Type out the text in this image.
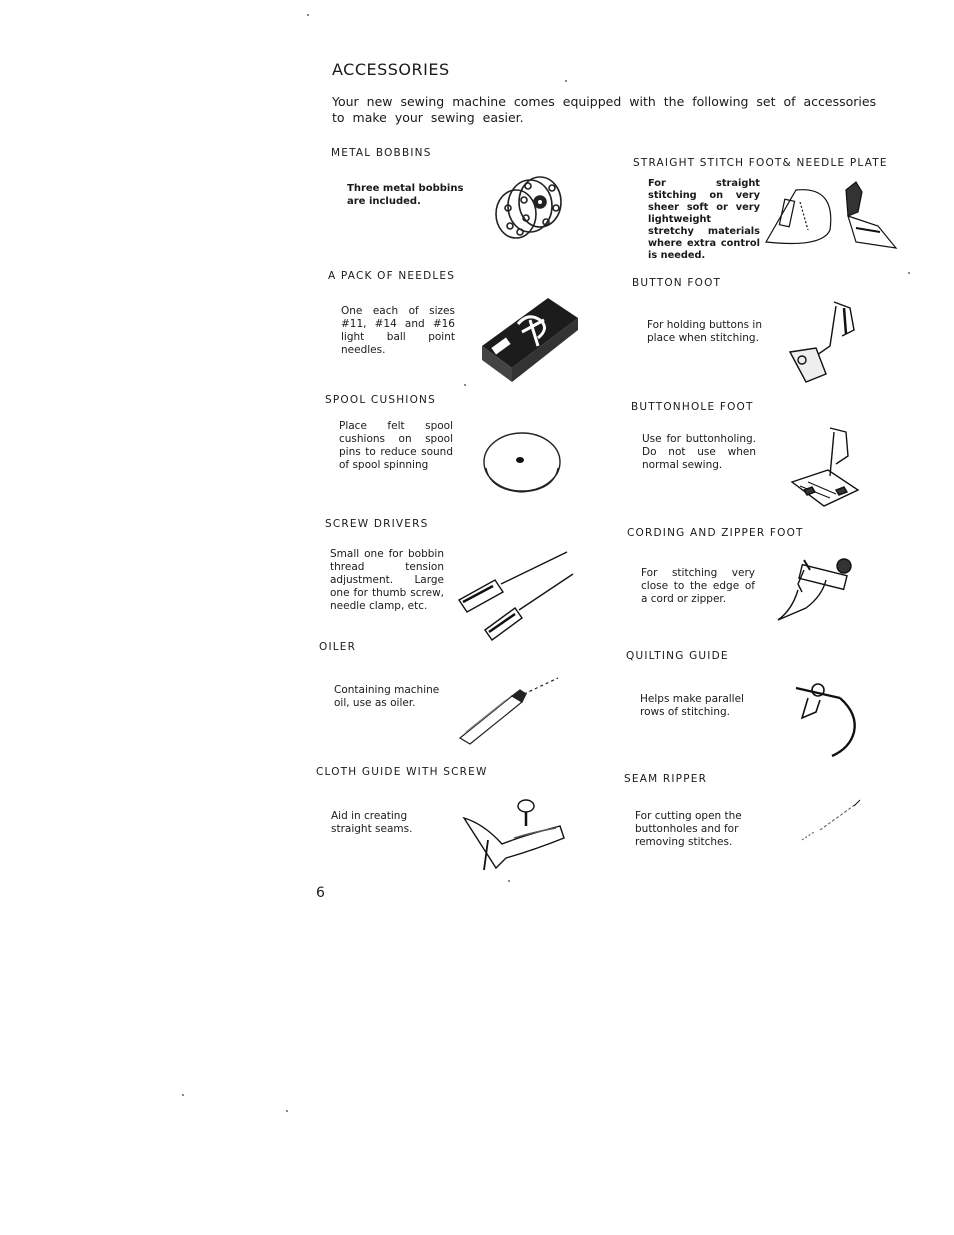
ACCESSORIES
Your new sewing machine comes equipped with the following set of accessories to make your sewing easier.
METAL BOBBINS
Three metal bobbins are included.
A PACK OF NEEDLES
One each of sizes #11, #14 and #16 light ball point needles.
SPOOL CUSHIONS
Place felt spool cushions on spool pins to reduce sound of spool spinning
SCREW DRIVERS
Small one for bobbin thread tension adjustment. Large one for thumb screw, needle clamp, etc.
OILER
Containing machine oil, use as oiler.
CLOTH GUIDE WITH SCREW
Aid in creating straight seams.
STRAIGHT STITCH FOOT& NEEDLE PLATE
For straight stitching on very sheer soft or very lightweight stretchy materials where extra control is needed.
BUTTON FOOT
For holding buttons in place when stitching.
BUTTONHOLE FOOT
Use for buttonholing. Do not use when normal sewing.
CORDING AND ZIPPER FOOT
For stitching very close to the edge of a cord or zipper.
QUILTING GUIDE
Helps make parallel rows of stitching.
SEAM RIPPER
For cutting open the buttonholes and for removing stitches.
6
